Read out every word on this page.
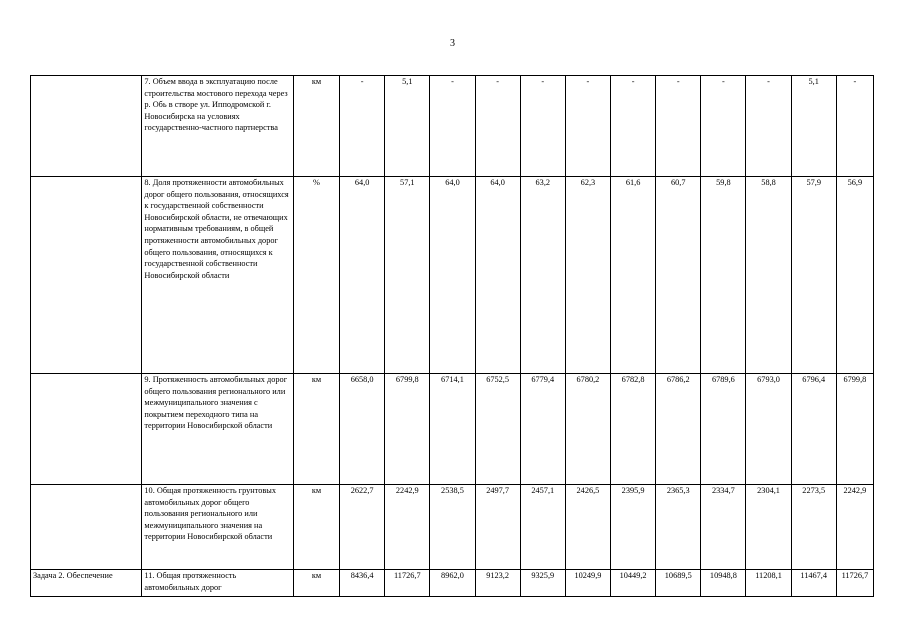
3
	7. Объем ввода в эксплуатацию после строительства мостового перехода через р. Обь в створе ул. Ипподромской г. Новосибирска на условиях государственно-частного партнерства	км	-	5,1	-	-	-	-	-	-	-	-	5,1	-
	8. Доля протяженности автомобильных дорог общего пользования, относящихся к государственной собственности Новосибирской области, не отвечающих нормативным требованиям, в общей протяженности автомобильных дорог общего пользования, относящихся к государственной собственности Новосибирской области	%	64,0	57,1	64,0	64,0	63,2	62,3	61,6	60,7	59,8	58,8	57,9	56,9
	9. Протяженность автомобильных дорог общего пользования регионального или межмуниципального значения с покрытием переходного типа на территории Новосибирской области	км	6658,0	6799,8	6714,1	6752,5	6779,4	6780,2	6782,8	6786,2	6789,6	6793,0	6796,4	6799,8
	10. Общая протяженность грунтовых автомобильных дорог общего пользования регионального или межмуниципального значения на территории Новосибирской области	км	2622,7	2242,9	2538,5	2497,7	2457,1	2426,5	2395,9	2365,3	2334,7	2304,1	2273,5	2242,9
Задача 2. Обеспечение	11. Общая протяженность автомобильных дорог	км	8436,4	11726,7	8962,0	9123,2	9325,9	10249,9	10449,2	10689,5	10948,8	11208,1	11467,4	11726,7
